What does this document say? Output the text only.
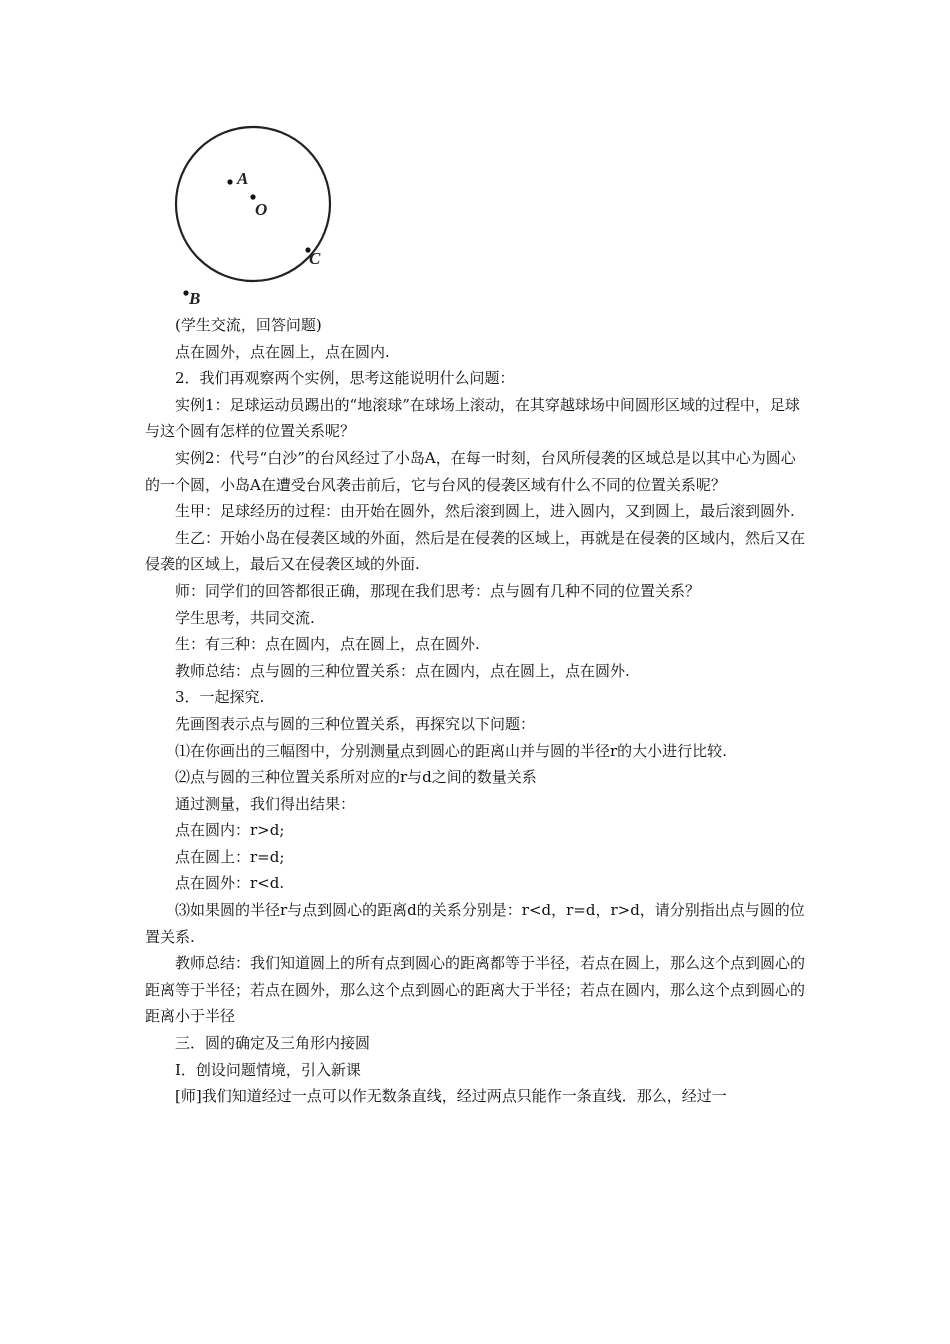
A
O
C
B

(学生交流，回答问题)

点在圆外，点在圆上，点在圆内.

2．我们再观察两个实例，思考这能说明什么问题：

实例1：足球运动员踢出的“地滚球”在球场上滚动，在其穿越球场中间圆形区域的过程中，足球与这个圆有怎样的位置关系呢？

实例2：代号“白沙”的台风经过了小岛A，在每一时刻，台风所侵袭的区域总是以其中心为圆心的一个圆，小岛A在遭受台风袭击前后，它与台风的侵袭区域有什么不同的位置关系呢？

生甲：足球经历的过程：由开始在圆外，然后滚到圆上，进入圆内，又到圆上，最后滚到圆外.

生乙：开始小岛在侵袭区域的外面，然后是在侵袭的区域上，再就是在侵袭的区域内，然后又在侵袭的区域上，最后又在侵袭区域的外面.

师：同学们的回答都很正确，那现在我们思考：点与圆有几种不同的位置关系？

学生思考，共同交流.

生：有三种：点在圆内，点在圆上，点在圆外.

教师总结：点与圆的三种位置关系：点在圆内，点在圆上，点在圆外.

3．一起探究.

先画图表示点与圆的三种位置关系，再探究以下问题：

⑴在你画出的三幅图中，分别测量点到圆心的距离山并与圆的半径r的大小进行比较.

⑵点与圆的三种位置关系所对应的r与d之间的数量关系

通过测量，我们得出结果：

点在圆内：r>d;

点在圆上：r=d;

点在圆外：r<d.

⑶如果圆的半径r与点到圆心的距离d的关系分别是：r<d，r=d，r>d，请分别指出点与圆的位置关系.

教师总结：我们知道圆上的所有点到圆心的距离都等于半径，若点在圆上，那么这个点到圆心的距离等于半径；若点在圆外，那么这个点到圆心的距离大于半径；若点在圆内，那么这个点到圆心的距离小于半径

三．圆的确定及三角形内接圆

Ⅰ．创设问题情境，引入新课

[师]我们知道经过一点可以作无数条直线，经过两点只能作一条直线．那么，经过一
